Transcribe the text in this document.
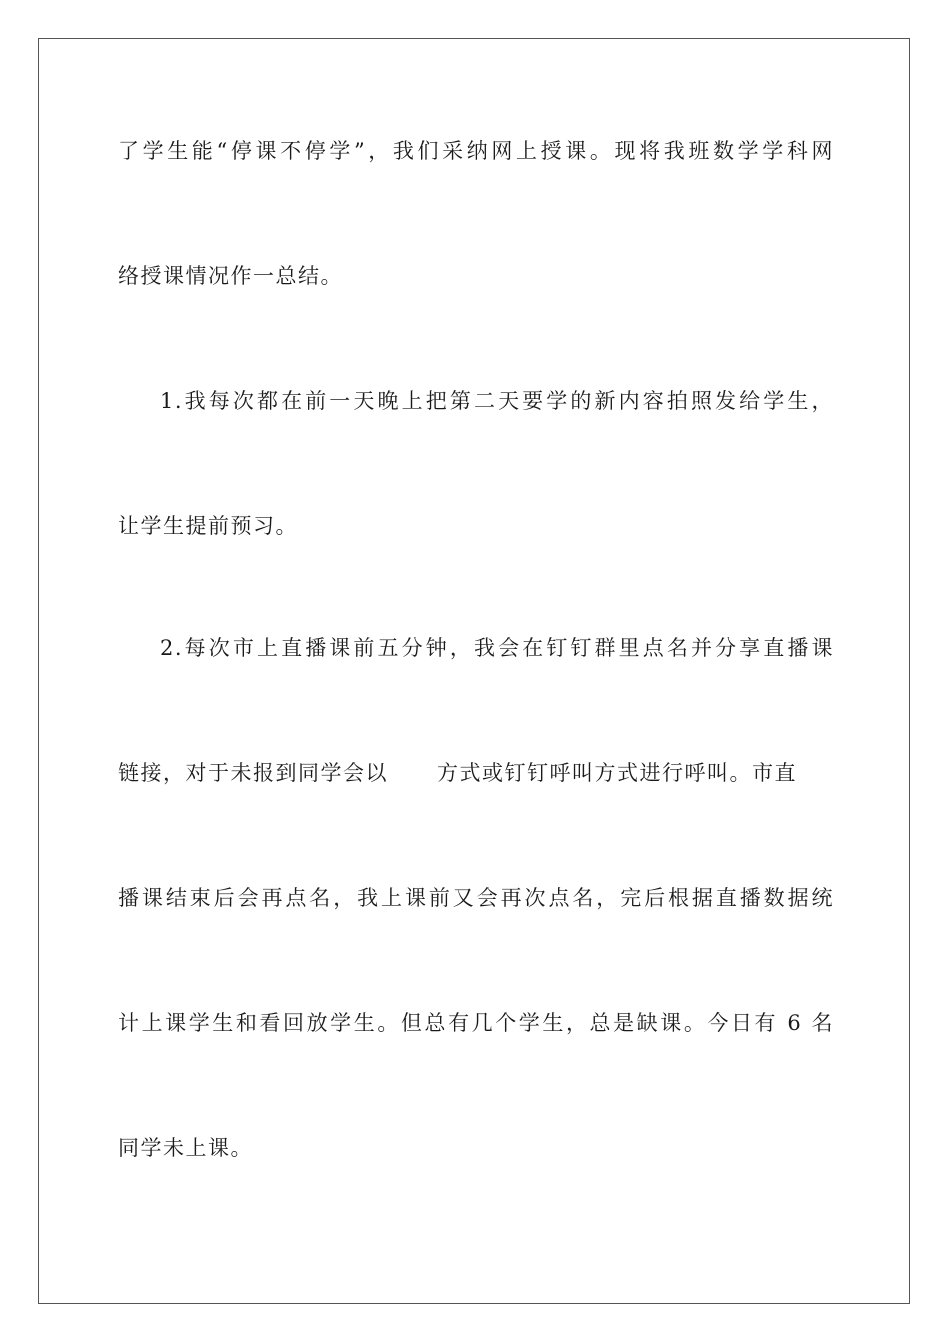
了学生能“停课不停学”，我们采纳网上授课。现将我班数学学科网
络授课情况作一总结。
1.我每次都在前一天晚上把第二天要学的新内容拍照发给学生，
让学生提前预习。
2.每次市上直播课前五分钟，我会在钉钉群里点名并分享直播课
链接，对于未报到同学会以      方式或钉钉呼叫方式进行呼叫。市直
播课结束后会再点名，我上课前又会再次点名，完后根据直播数据统
计上课学生和看回放学生。但总有几个学生，总是缺课。今日有 6 名
同学未上课。
